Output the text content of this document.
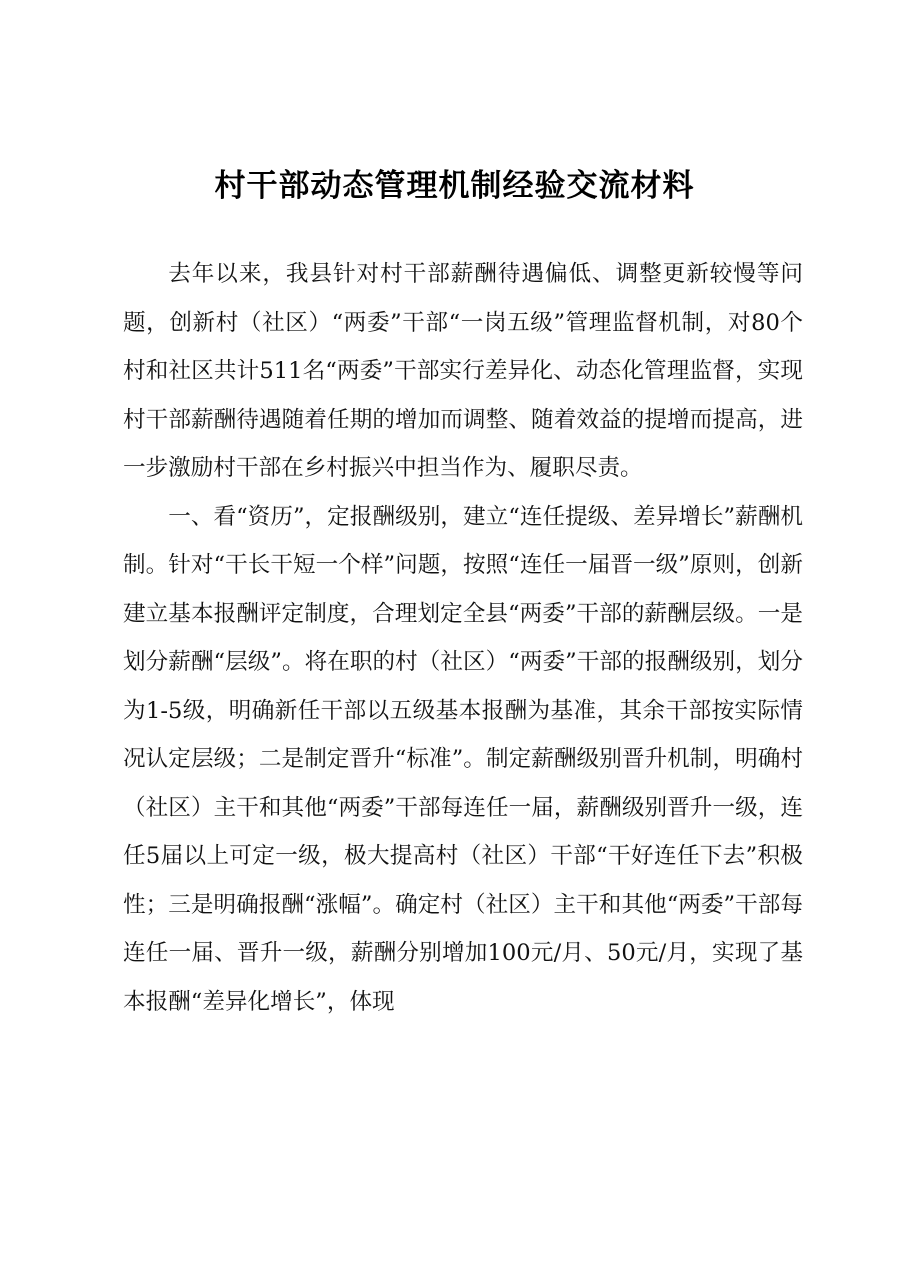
村干部动态管理机制经验交流材料

去年以来，我县针对村干部薪酬待遇偏低、调整更新较慢等问题，创新村（社区）“两委”干部“一岗五级”管理监督机制，对80个村和社区共计511名“两委”干部实行差异化、动态化管理监督，实现村干部薪酬待遇随着任期的增加而调整、随着效益的提增而提高，进一步激励村干部在乡村振兴中担当作为、履职尽责。

一、看“资历”，定报酬级别，建立“连任提级、差异增长”薪酬机制。针对“干长干短一个样”问题，按照“连任一届晋一级”原则，创新建立基本报酬评定制度，合理划定全县“两委”干部的薪酬层级。一是划分薪酬“层级”。将在职的村（社区）“两委”干部的报酬级别，划分为1-5级，明确新任干部以五级基本报酬为基准，其余干部按实际情况认定层级；二是制定晋升“标准”。制定薪酬级别晋升机制，明确村（社区）主干和其他“两委”干部每连任一届，薪酬级别晋升一级，连任5届以上可定一级，极大提高村（社区）干部“干好连任下去”积极性；三是明确报酬“涨幅”。确定村（社区）主干和其他“两委”干部每连任一届、晋升一级，薪酬分别增加100元/月、50元/月，实现了基本报酬“差异化增长”，体现
